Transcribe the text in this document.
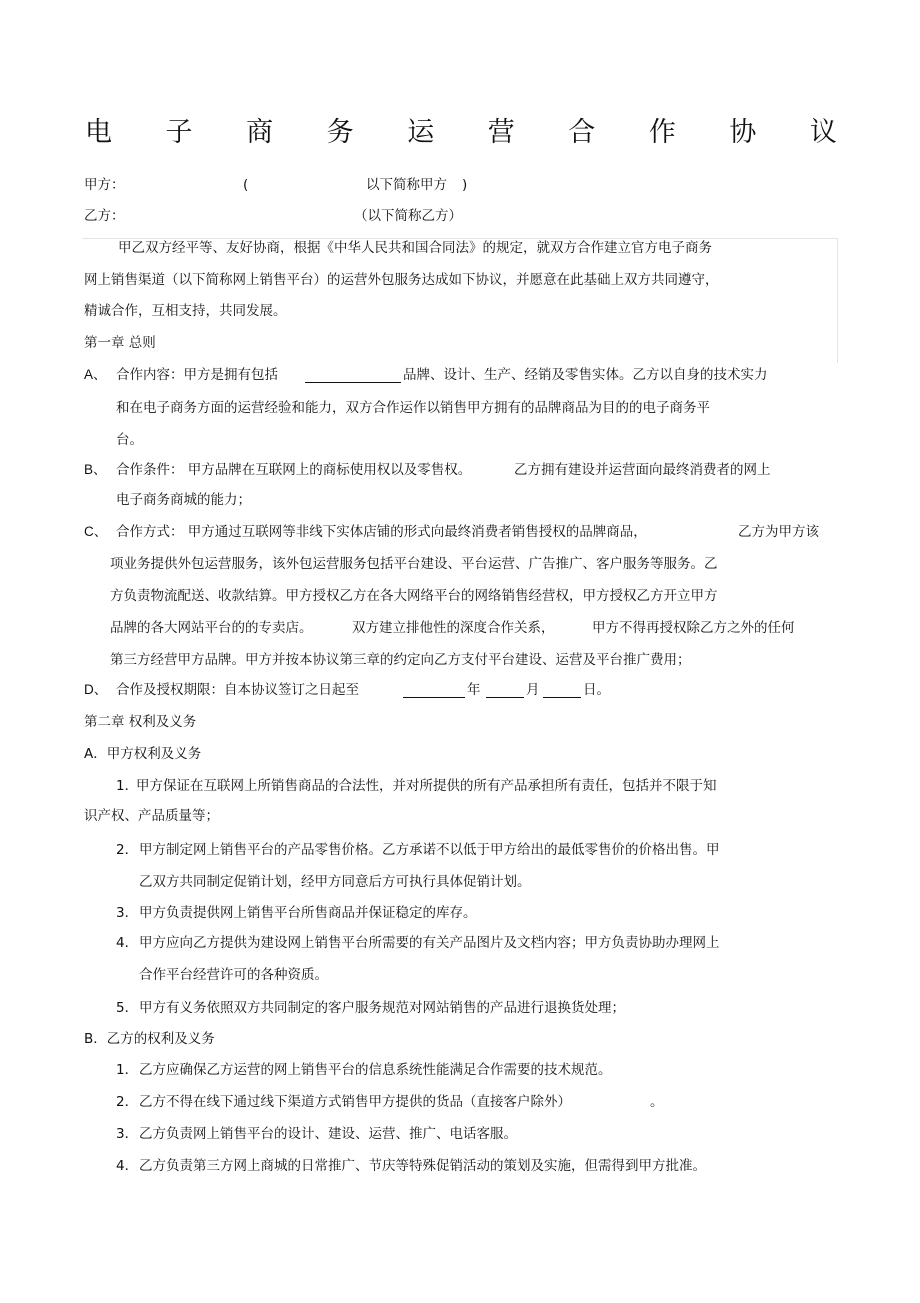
电 子 商 务 运 营 合 作 协 议
甲方：	(	以下简称甲方 )
乙方：	（以下简称乙方）
甲乙双方经平等、友好协商，根据《中华人民共和国合同法》的规定，就双方合作建立官方电子商务
网上销售渠道（以下简称网上销售平台）的运营外包服务达成如下协议，并愿意在此基础上双方共同遵守，
精诚合作，互相支持，共同发展。
第一章 总则
A、 合作内容：甲方是拥有包括	品牌、设计、生产、经销及零售实体。乙方以自身的技术实力
和在电子商务方面的运营经验和能力，双方合作运作以销售甲方拥有的品牌商品为目的的电子商务平
台。
B、 合作条件： 甲方品牌在互联网上的商标使用权以及零售权。	乙方拥有建设并运营面向最终消费者的网上
电子商务商城的能力；
C、 合作方式： 甲方通过互联网等非线下实体店铺的形式向最终消费者销售授权的品牌商品，	乙方为甲方该
项业务提供外包运营服务，该外包运营服务包括平台建设、平台运营、广告推广、客户服务等服务。乙
方负责物流配送、收款结算。甲方授权乙方在各大网络平台的网络销售经营权，甲方授权乙方开立甲方
品牌的各大网站平台的的专卖店。	双方建立排他性的深度合作关系，	甲方不得再授权除乙方之外的任何
第三方经营甲方品牌。甲方并按本协议第三章的约定向乙方支付平台建设、运营及平台推广费用；
D、 合作及授权期限：自本协议签订之日起至	年	月	日。
第二章 权利及义务
A．甲方权利及义务
1．
甲方保证在互联网上所销售商品的合法性，并对所提供的所有产品承担所有责任，包括并不限于知
识产权、产品质量等；
2． 甲方制定网上销售平台的产品零售价格。乙方承诺不以低于甲方给出的最低零售价的价格出售。甲
乙双方共同制定促销计划，经甲方同意后方可执行具体促销计划。
3． 甲方负责提供网上销售平台所售商品并保证稳定的库存。
4． 甲方应向乙方提供为建设网上销售平台所需要的有关产品图片及文档内容；甲方负责协助办理网上
合作平台经营许可的各种资质。
5． 甲方有义务依照双方共同制定的客户服务规范对网站销售的产品进行退换货处理；
B．乙方的权利及义务
1． 乙方应确保乙方运营的网上销售平台的信息系统性能满足合作需要的技术规范。
2． 乙方不得在线下通过线下渠道方式销售甲方提供的货品（直接客户除外）	。
3． 乙方负责网上销售平台的设计、建设、运营、推广、电话客服。
4． 乙方负责第三方网上商城的日常推广、节庆等特殊促销活动的策划及实施，但需得到甲方批准。
